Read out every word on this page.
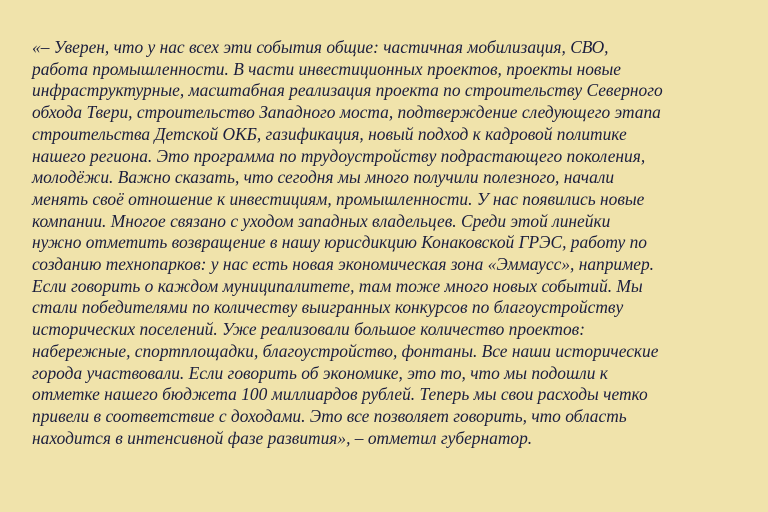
«– Уверен, что у нас всех эти события общие: частичная мобилизация, СВО,
работа промышленности. В части инвестиционных проектов, проекты новые
инфраструктурные, масштабная реализация проекта по строительству Северного
обхода Твери, строительство Западного моста, подтверждение следующего этапа
строительства Детской ОКБ, газификация, новый подход к кадровой политике
нашего региона. Это программа по трудоустройству подрастающего поколения,
молодёжи. Важно сказать, что сегодня мы много получили полезного, начали
менять своё отношение к инвестициям, промышленности. У нас появились новые
компании. Многое связано с уходом западных владельцев. Среди этой линейки
нужно отметить возвращение в нашу юрисдикцию Конаковской ГРЭС, работу по
созданию технопарков: у нас есть новая экономическая зона «Эммаусс», например.
Если говорить о каждом муниципалитете, там тоже много новых событий. Мы
стали победителями по количеству выигранных конкурсов по благоустройству
исторических поселений. Уже реализовали большое количество проектов:
набережные, спортплощадки, благоустройство, фонтаны. Все наши исторические
города участвовали. Если говорить об экономике, это то, что мы подошли к
отметке нашего бюджета 100 миллиардов рублей. Теперь мы свои расходы четко
привели в соответствие с доходами. Это все позволяет говорить, что область
находится в интенсивной фазе развития», – отметил губернатор.
